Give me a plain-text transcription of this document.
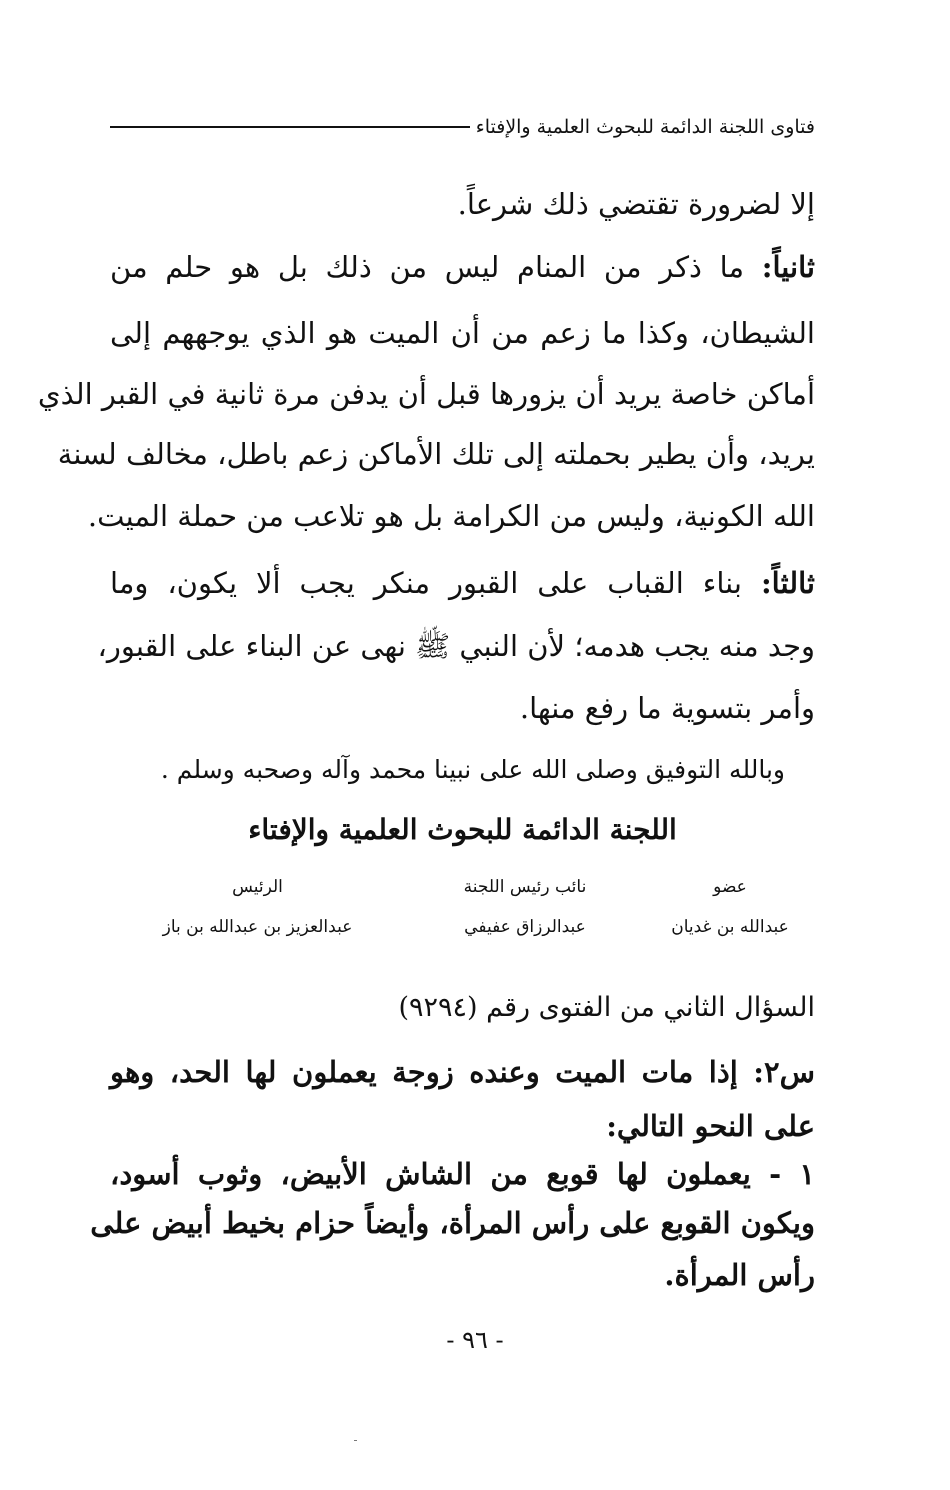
فتاوى اللجنة الدائمة للبحوث العلمية والإفتاء
إلا لضرورة تقتضي ذلك شرعاً.
ثانياً: ما ذكر من المنام ليس من ذلك بل هو حلم من
الشيطان، وكذا ما زعم من أن الميت هو الذي يوجههم إلى
أماكن خاصة يريد أن يزورها قبل أن يدفن مرة ثانية في القبر الذي
يريد، وأن يطير بحملته إلى تلك الأماكن زعم باطل، مخالف لسنة
الله الكونية، وليس من الكرامة بل هو تلاعب من حملة الميت.
ثالثاً: بناء القباب على القبور منكر يجب ألا يكون، وما
وجد منه يجب هدمه؛ لأن النبي ﷺ نهى عن البناء على القبور،
وأمر بتسوية ما رفع منها.
وبالله التوفيق وصلى الله على نبينا محمد وآله وصحبه وسلم .
اللجنة الدائمة للبحوث العلمية والإفتاء
عضو
نائب رئيس اللجنة
الرئيس
عبدالله بن غديان
عبدالرزاق عفيفي
عبدالعزيز بن عبدالله بن باز
السؤال الثاني من الفتوى رقم (٩٢٩٤)
س٢: إذا مات الميت وعنده زوجة يعملون لها الحد، وهو
على النحو التالي:
١ - يعملون لها قوبع من الشاش الأبيض، وثوب أسود،
ويكون القوبع على رأس المرأة، وأيضاً حزام بخيط أبيض على
رأس المرأة.
- ٩٦ -
